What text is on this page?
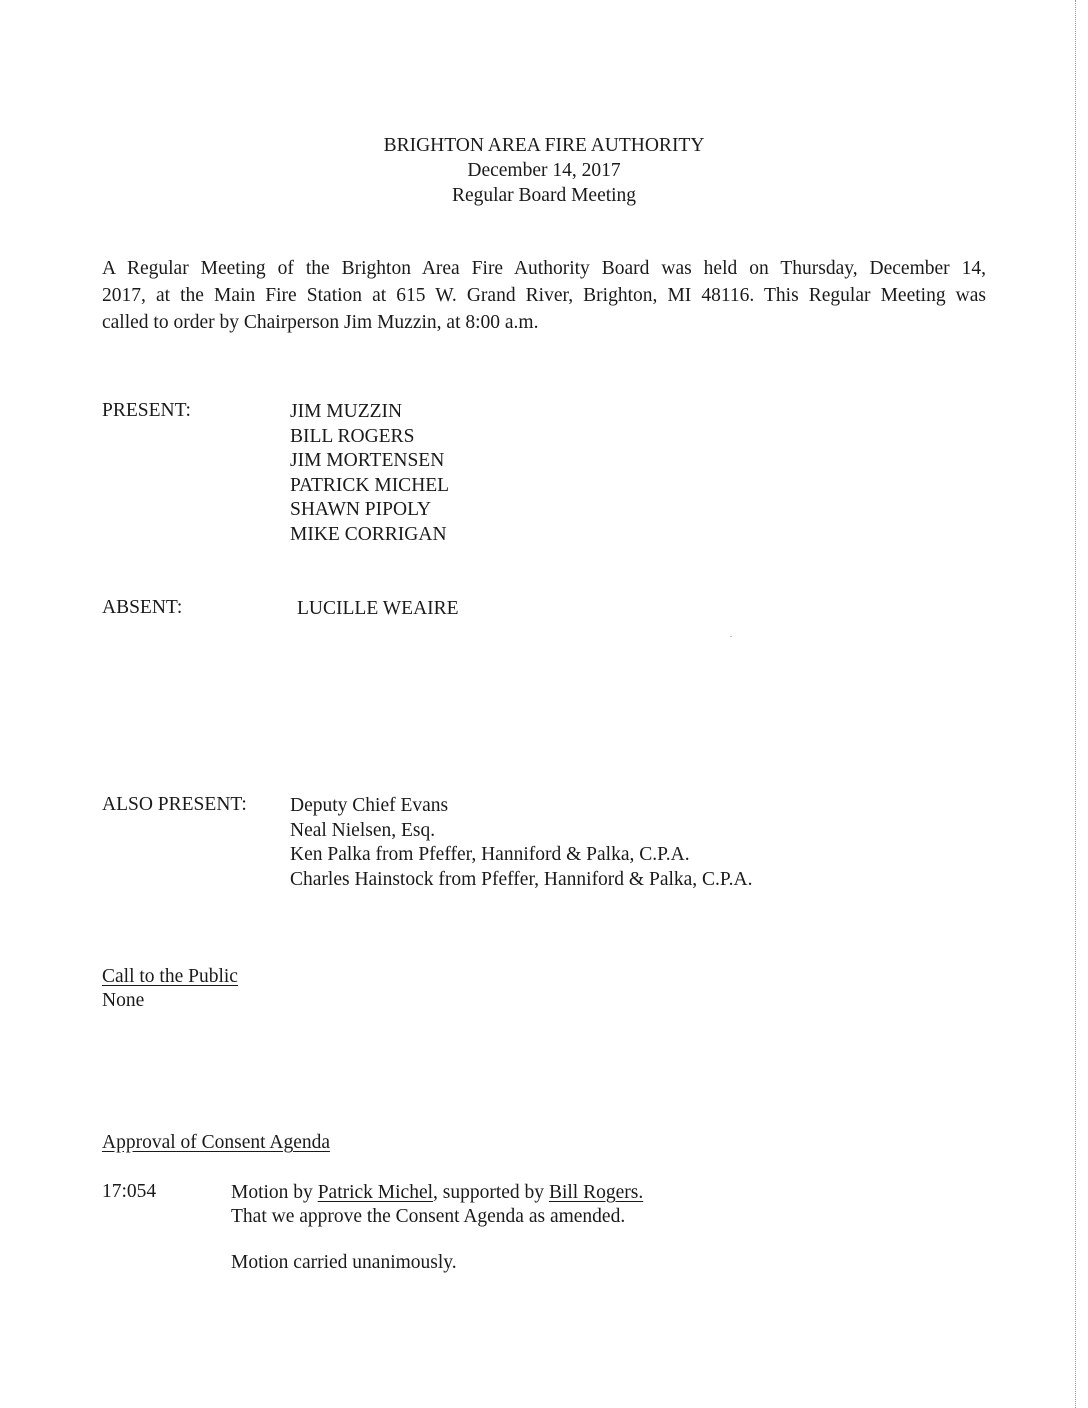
BRIGHTON AREA FIRE AUTHORITY
December 14, 2017
Regular Board Meeting
A Regular Meeting of the Brighton Area Fire Authority Board was held on Thursday, December 14,
2017, at the Main Fire Station at 615 W. Grand River, Brighton, MI 48116. This Regular Meeting was
called to order by Chairperson Jim Muzzin, at 8:00 a.m.
PRESENT:	JIM MUZZIN
BILL ROGERS
JIM MORTENSEN
PATRICK MICHEL
SHAWN PIPOLY
MIKE CORRIGAN
ABSENT:	LUCILLE WEAIRE
ALSO PRESENT: Deputy Chief Evans
Neal Nielsen, Esq.
Ken Palka from Pfeffer, Hanniford & Palka, C.P.A.
Charles Hainstock from Pfeffer, Hanniford & Palka, C.P.A.
Call to the Public
None
Approval of Consent Agenda
17:054	Motion by Patrick Michel, supported by Bill Rogers.
That we approve the Consent Agenda as amended.
Motion carried unanimously.
